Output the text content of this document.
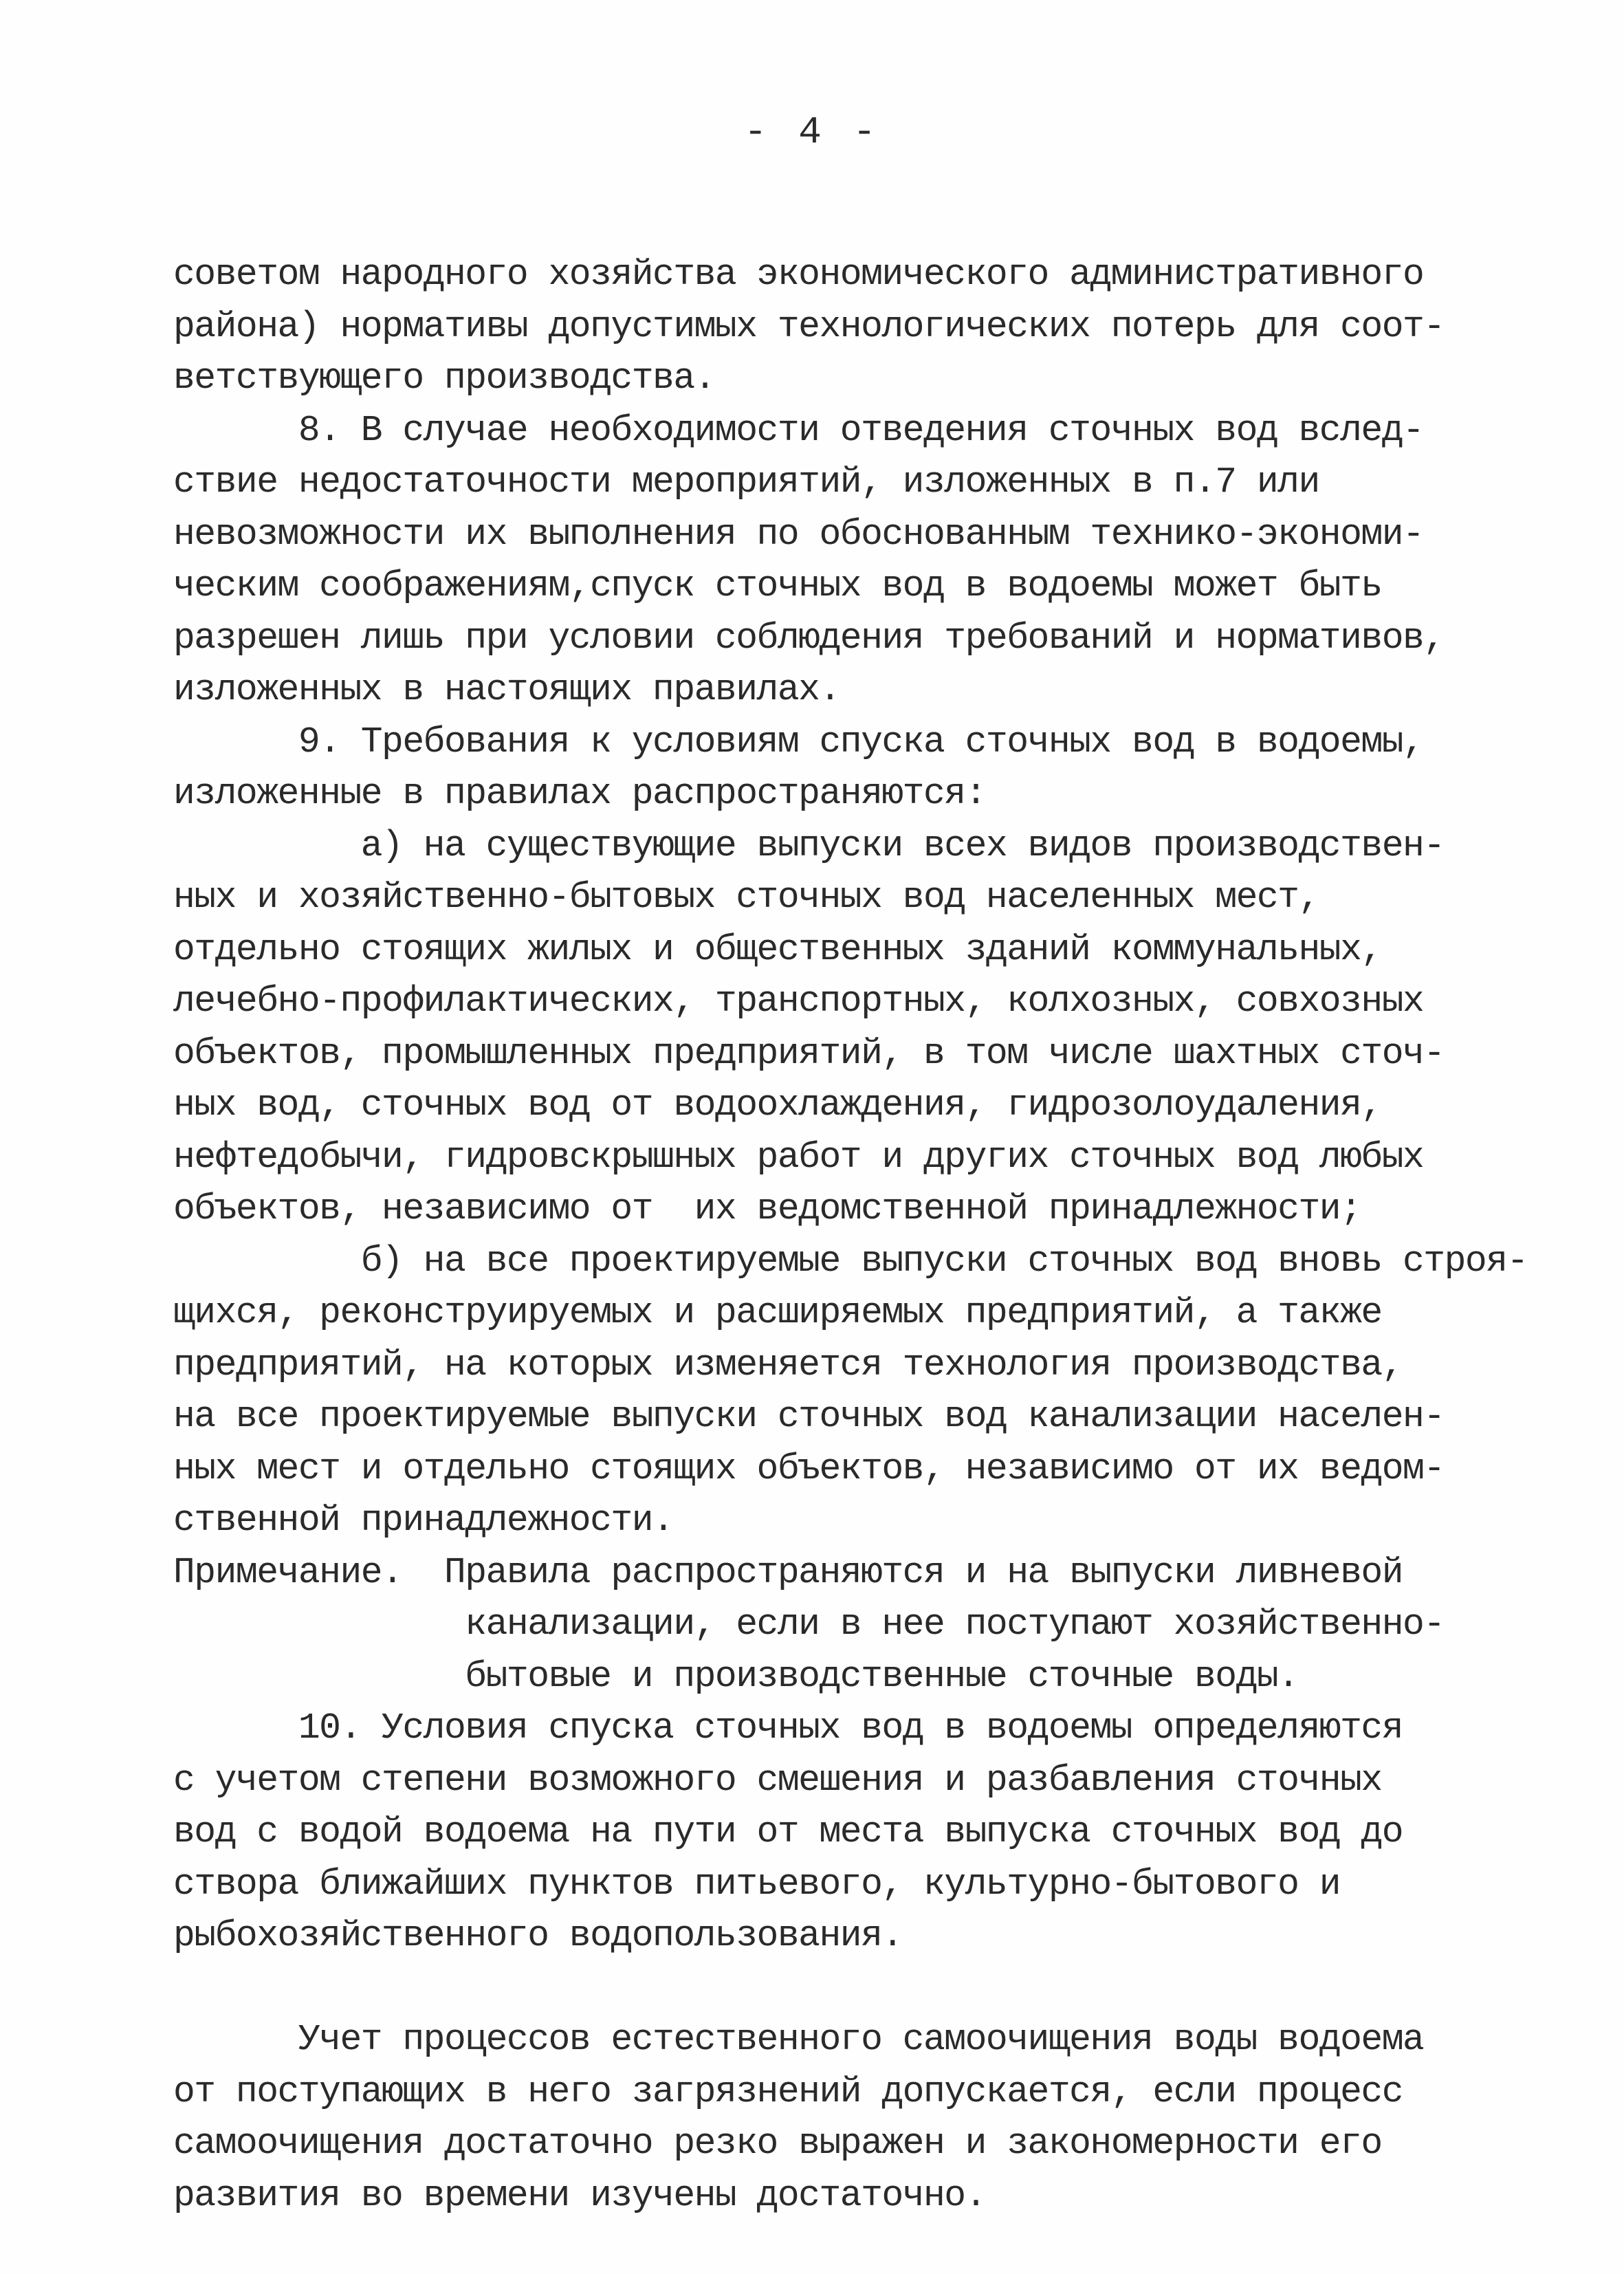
- 4 -
советом народного хозяйства экономического административного
района) нормативы допустимых технологических потерь для соот-
ветствующего производства.
8. В случае необходимости отведения сточных вод вслед-
ствие недостаточности мероприятий, изложенных в п.7 или
невозможности их выполнения по обоснованным технико-экономи-
ческим соображениям,спуск сточных вод в водоемы может быть
разрешен лишь при условии соблюдения требований и нормативов,
изложенных в настоящих правилах.
9. Требования к условиям спуска сточных вод в водоемы,
изложенные в правилах распространяются:
а) на существующие выпуски всех видов производствен-
ных и хозяйственно-бытовых сточных вод населенных мест,
отдельно стоящих жилых и общественных зданий коммунальных,
лечебно-профилактических, транспортных, колхозных, совхозных
объектов, промышленных предприятий, в том числе шахтных сточ-
ных вод, сточных вод от водоохлаждения, гидрозолоудаления,
нефтедобычи, гидровскрышных работ и других сточных вод любых
объектов, независимо от  их ведомственной принадлежности;
б) на все проектируемые выпуски сточных вод вновь строя-
щихся, реконструируемых и расширяемых предприятий, а также
предприятий, на которых изменяется технология производства,
на все проектируемые выпуски сточных вод канализации населен-
ных мест и отдельно стоящих объектов, независимо от их ведом-
ственной принадлежности.
Примечание.  Правила распространяются и на выпуски ливневой
канализации, если в нее поступают хозяйственно-
бытовые и производственные сточные воды.
10. Условия спуска сточных вод в водоемы определяются
с учетом степени возможного смешения и разбавления сточных
вод с водой водоема на пути от места выпуска сточных вод до
створа ближайших пунктов питьевого, культурно-бытового и
рыбохозяйственного водопользования.
Учет процессов естественного самоочищения воды водоема
от поступающих в него загрязнений допускается, если процесс
самоочищения достаточно резко выражен и закономерности его
развития во времени изучены достаточно.
